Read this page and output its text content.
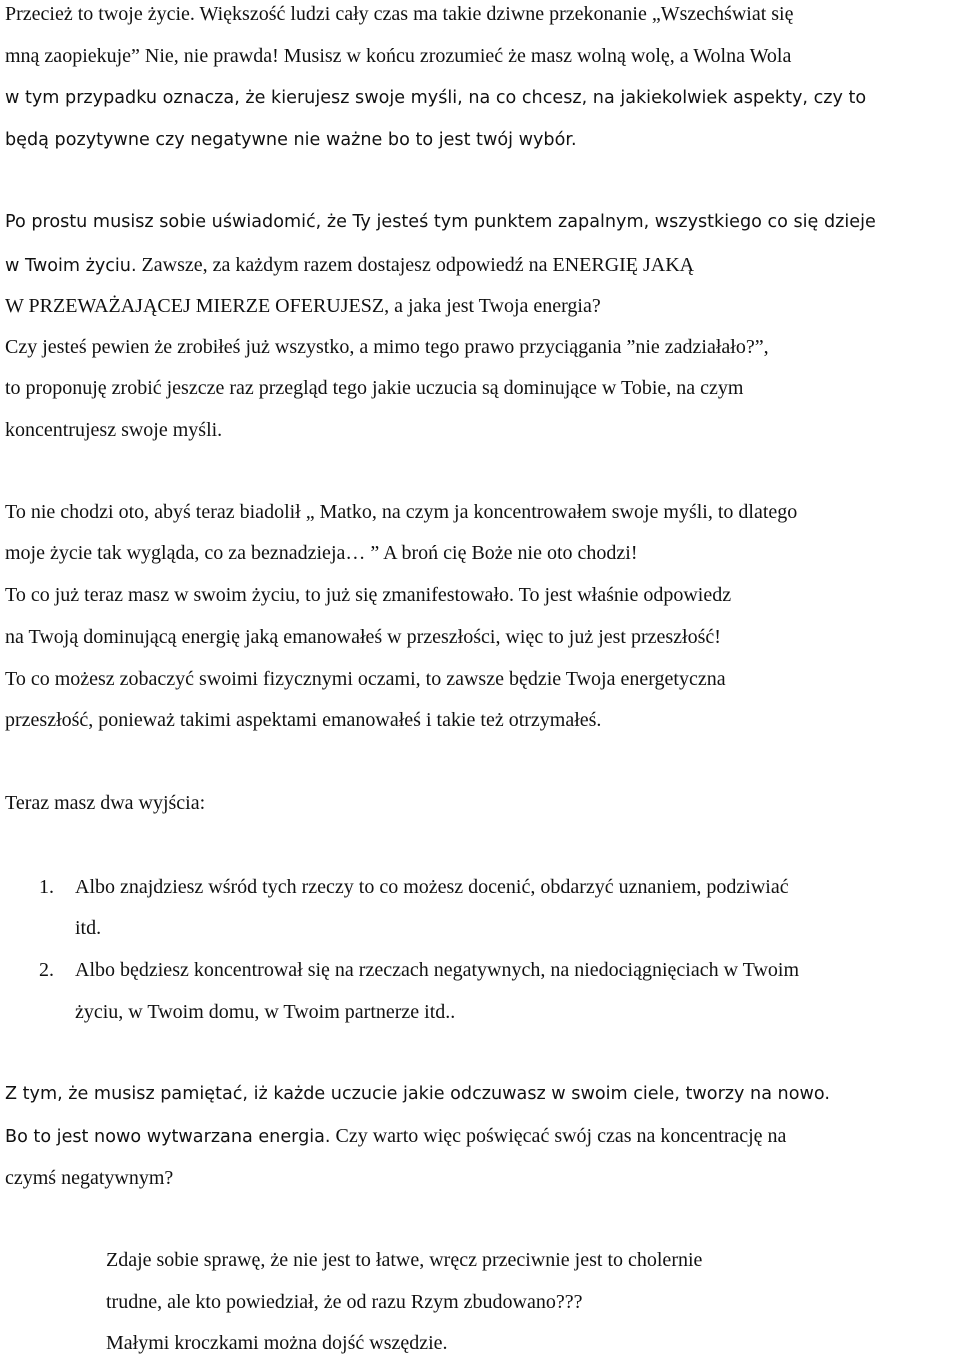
Przecież to twoje życie. Większość ludzi cały czas ma takie dziwne przekonanie „Wszechświat się
mną zaopiekuje” Nie, nie prawda! Musisz w końcu zrozumieć że masz wolną wolę, a Wolna Wola
w tym przypadku oznacza, że kierujesz swoje myśli, na co chcesz, na jakiekolwiek aspekty, czy to
będą pozytywne czy negatywne nie ważne bo to jest twój wybór.
Po prostu musisz sobie uświadomić, że Ty jesteś tym punktem zapalnym, wszystkiego co się dzieje
w Twoim życiu. Zawsze, za każdym razem dostajesz odpowiedź na ENERGIĘ JAKĄ
W PRZEWAŻAJĄCEJ MIERZE OFERUJESZ, a jaka jest Twoja energia?
Czy jesteś pewien że zrobiłeś już wszystko, a mimo tego prawo przyciągania ”nie zadziałało?”,
to proponuję zrobić jeszcze raz przegląd tego jakie uczucia są dominujące w Tobie, na czym
koncentrujesz swoje myśli.
To nie chodzi oto, abyś teraz biadolił „ Matko, na czym ja koncentrowałem swoje myśli, to dlatego
moje życie tak wygląda, co za beznadzieja… ” A broń cię Boże nie oto chodzi!
To co już teraz masz w swoim życiu, to już się zmanifestowało. To jest właśnie odpowiedz
na Twoją dominującą energię jaką emanowałeś w przeszłości, więc to już jest przeszłość!
To co możesz zobaczyć swoimi fizycznymi oczami, to zawsze będzie Twoja energetyczna
przeszłość, ponieważ takimi aspektami emanowałeś i takie też otrzymałeś.
Teraz masz dwa wyjścia:
1. Albo znajdziesz wśród tych rzeczy to co możesz docenić, obdarzyć uznaniem, podziwiać
itd.
2. Albo będziesz koncentrował się na rzeczach negatywnych, na niedociągnięciach w Twoim
życiu, w Twoim domu, w Twoim partnerze itd..
Z tym, że musisz pamiętać, iż każde uczucie jakie odczuwasz w swoim ciele, tworzy na nowo.
Bo to jest nowo wytwarzana energia. Czy warto więc poświęcać swój czas na koncentrację na
czymś negatywnym?
Zdaje sobie sprawę, że nie jest to łatwe, wręcz przeciwnie jest to cholernie
trudne, ale kto powiedział, że od razu Rzym zbudowano???
Małymi kroczkami można dojść wszędzie.
